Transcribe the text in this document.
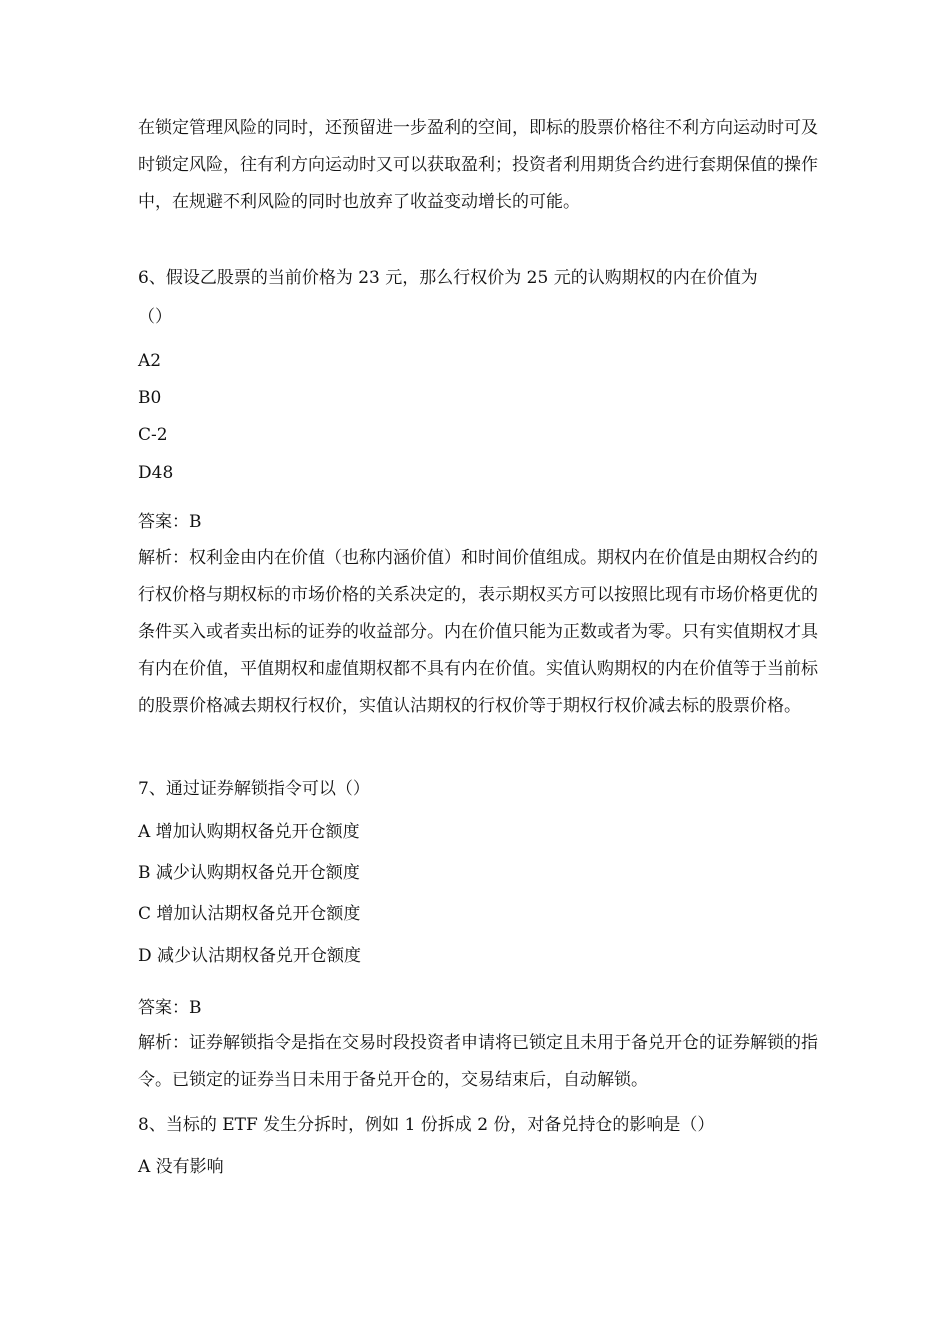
在锁定管理风险的同时，还预留进一步盈利的空间，即标的股票价格往不利方向运动时可及时锁定风险，往有利方向运动时又可以获取盈利；投资者利用期货合约进行套期保值的操作中，在规避不利风险的同时也放弃了收益变动增长的可能。
6、假设乙股票的当前价格为 23 元，那么行权价为 25 元的认购期权的内在价值为
（）
A2
B0
C-2
D48
答案：B
解析：权利金由内在价值（也称内涵价值）和时间价值组成。期权内在价值是由期权合约的行权价格与期权标的市场价格的关系决定的，表示期权买方可以按照比现有市场价格更优的条件买入或者卖出标的证券的收益部分。内在价值只能为正数或者为零。只有实值期权才具有内在价值，平值期权和虚值期权都不具有内在价值。实值认购期权的内在价值等于当前标的股票价格减去期权行权价，实值认沽期权的行权价等于期权行权价减去标的股票价格。
7、通过证券解锁指令可以（）
A 增加认购期权备兑开仓额度
B 减少认购期权备兑开仓额度
C 增加认沽期权备兑开仓额度
D 减少认沽期权备兑开仓额度
答案：B
解析：证券解锁指令是指在交易时段投资者申请将已锁定且未用于备兑开仓的证券解锁的指令。已锁定的证券当日未用于备兑开仓的，交易结束后，自动解锁。
8、当标的 ETF 发生分拆时，例如 1 份拆成 2 份，对备兑持仓的影响是（）
A 没有影响
